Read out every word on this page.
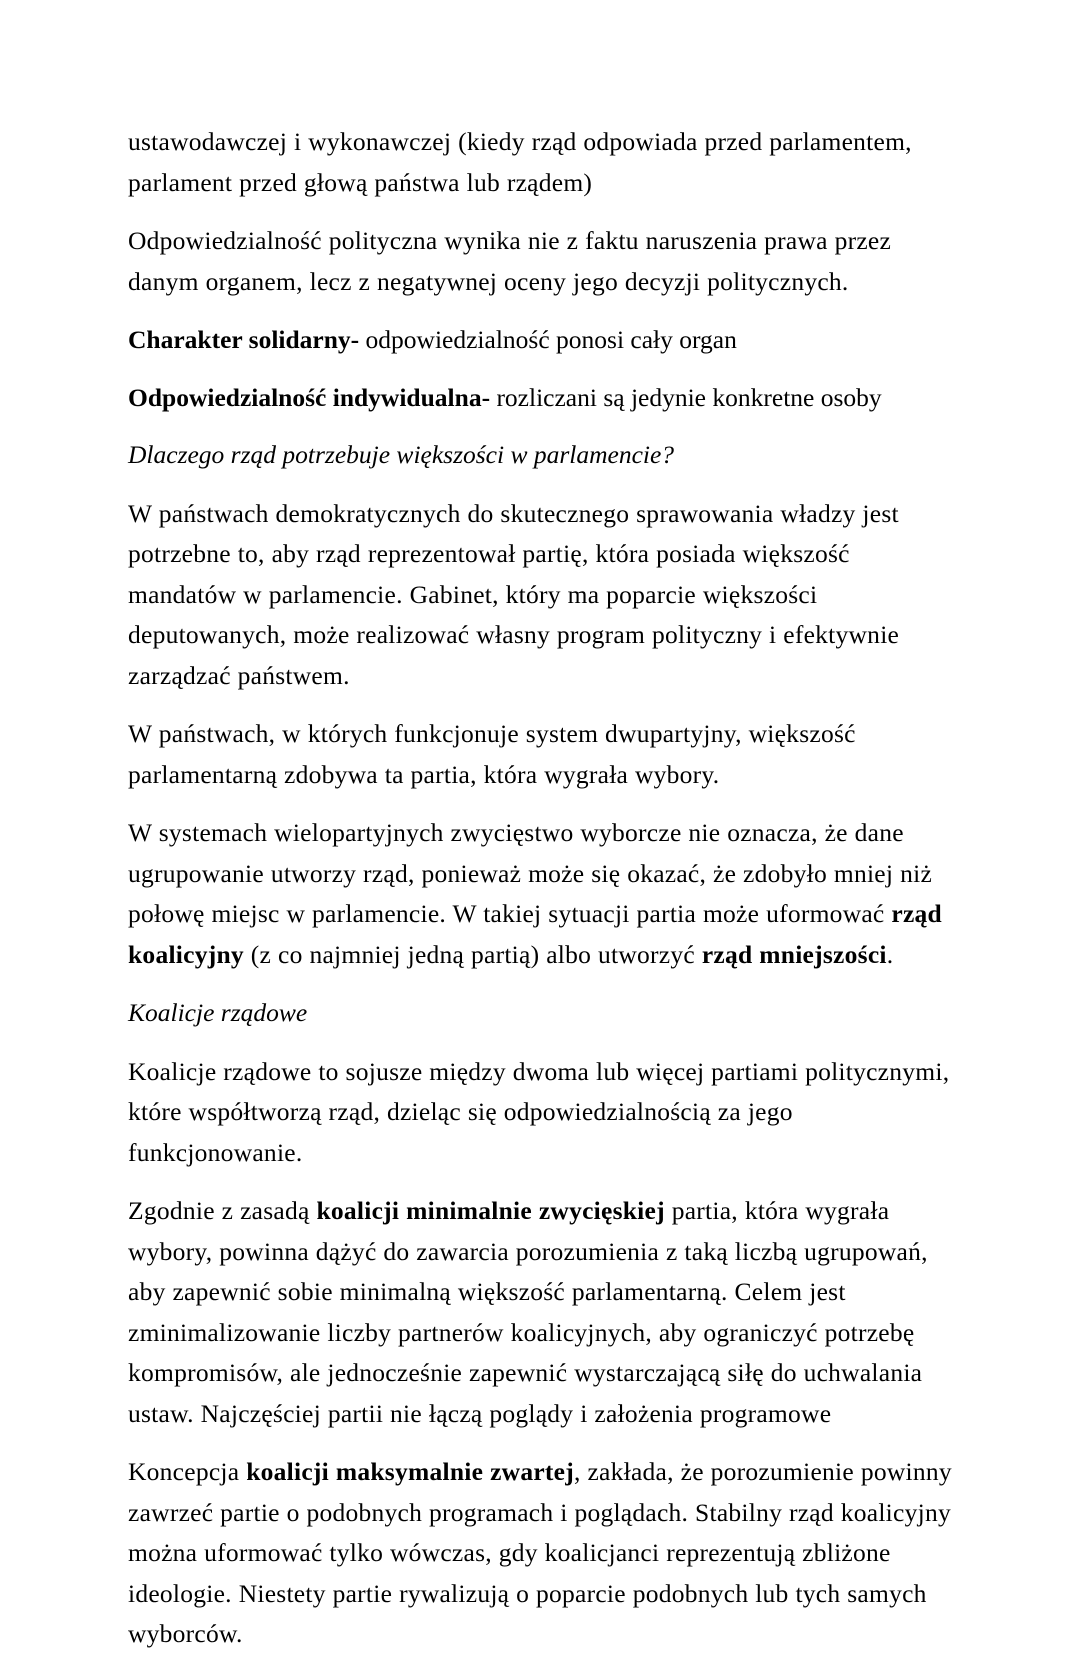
ustawodawczej i wykonawczej (kiedy rząd odpowiada przed parlamentem, parlament przed głową państwa lub rządem)

Odpowiedzialność polityczna wynika nie z faktu naruszenia prawa przez danym organem, lecz z negatywnej oceny jego decyzji politycznych.

Charakter solidarny- odpowiedzialność ponosi cały organ

Odpowiedzialność indywidualna- rozliczani są jedynie konkretne osoby

Dlaczego rząd potrzebuje większości w parlamencie?

W państwach demokratycznych do skutecznego sprawowania władzy jest potrzebne to, aby rząd reprezentował partię, która posiada większość mandatów w parlamencie. Gabinet, który ma poparcie większości deputowanych, może realizować własny program polityczny i efektywnie zarządzać państwem.

W państwach, w których funkcjonuje system dwupartyjny, większość parlamentarną zdobywa ta partia, która wygrała wybory.

W systemach wielopartyjnych zwycięstwo wyborcze nie oznacza, że dane ugrupowanie utworzy rząd, ponieważ może się okazać, że zdobyło mniej niż połowę miejsc w parlamencie. W takiej sytuacji partia może uformować rząd koalicyjny (z co najmniej jedną partią) albo utworzyć rząd mniejszości.

Koalicje rządowe

Koalicje rządowe to sojusze między dwoma lub więcej partiami politycznymi, które współtworzą rząd, dzieląc się odpowiedzialnością za jego funkcjonowanie.

Zgodnie z zasadą koalicji minimalnie zwycięskiej partia, która wygrała wybory, powinna dążyć do zawarcia porozumienia z taką liczbą ugrupowań, aby zapewnić sobie minimalną większość parlamentarną. Celem jest zminimalizowanie liczby partnerów koalicyjnych, aby ograniczyć potrzebę kompromisów, ale jednocześnie zapewnić wystarczającą siłę do uchwalania ustaw. Najczęściej partii nie łączą poglądy i założenia programowe

Koncepcja koalicji maksymalnie zwartej, zakłada, że porozumienie powinny zawrzeć partie o podobnych programach i poglądach. Stabilny rząd koalicyjny można uformować tylko wówczas, gdy koalicjanci reprezentują zbliżone ideologie. Niestety partie rywalizują o poparcie podobnych lub tych samych wyborców.
